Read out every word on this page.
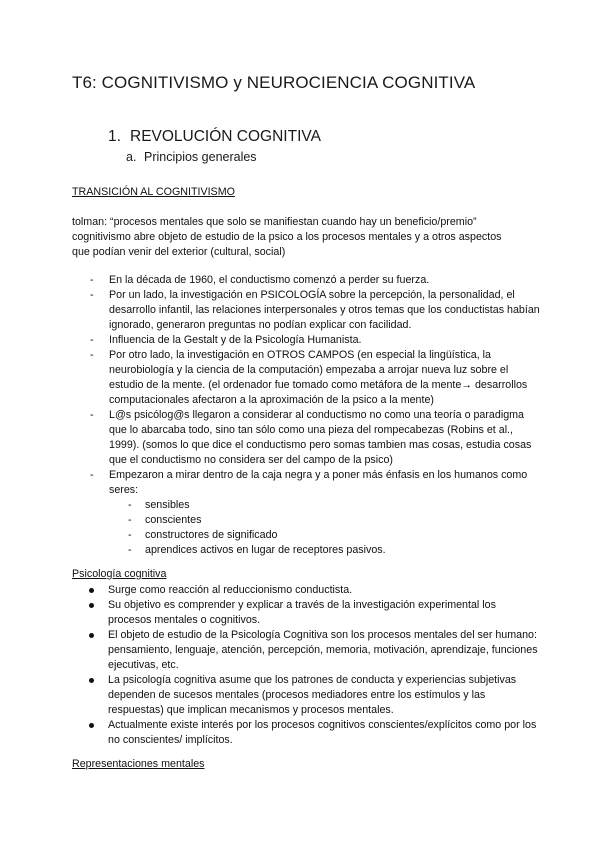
T6: COGNITIVISMO y NEUROCIENCIA COGNITIVA
1. REVOLUCIÓN COGNITIVA
a. Principios generales
TRANSICIÓN AL COGNITIVISMO
tolman: “procesos mentales que solo se manifiestan cuando hay un beneficio/premio”
cognitivismo abre objeto de estudio de la psico a los procesos mentales y a otros aspectos
que podían venir del exterior (cultural, social)
- En la década de 1960, el conductismo comenzó a perder su fuerza.
- Por un lado, la investigación en PSICOLOGÍA sobre la percepción, la personalidad, el desarrollo infantil, las relaciones interpersonales y otros temas que los conductistas habían ignorado, generaron preguntas no podían explicar con facilidad.
- Influencia de la Gestalt y de la Psicología Humanista.
- Por otro lado, la investigación en OTROS CAMPOS (en especial la lingüística, la neurobiología y la ciencia de la computación) empezaba a arrojar nueva luz sobre el estudio de la mente. (el ordenador fue tomado como metáfora de la mente→ desarrollos computacionales afectaron a la aproximación de la psico a la mente)
- L@s psicólog@s llegaron a considerar al conductismo no como una teoría o paradigma que lo abarcaba todo, sino tan sólo como una pieza del rompecabezas (Robins et al., 1999). (somos lo que dice el conductismo pero somas tambien mas cosas, estudia cosas que el conductismo no considera ser del campo de la psico)
- Empezaron a mirar dentro de la caja negra y a poner más énfasis en los humanos como seres:
- sensibles
- conscientes
- constructores de significado
- aprendices activos en lugar de receptores pasivos.
Psicología cognitiva
Surge como reacción al reduccionismo conductista.
Su objetivo es comprender y explicar a través de la investigación experimental los procesos mentales o cognitivos.
El objeto de estudio de la Psicología Cognitiva son los procesos mentales del ser humano: pensamiento, lenguaje, atención, percepción, memoria, motivación, aprendizaje, funciones ejecutivas, etc.
La psicología cognitiva asume que los patrones de conducta y experiencias subjetivas dependen de sucesos mentales (procesos mediadores entre los estímulos y las respuestas) que implican mecanismos y procesos mentales.
Actualmente existe interés por los procesos cognitivos conscientes/explícitos como por los no conscientes/ implícitos.
Representaciones mentales
